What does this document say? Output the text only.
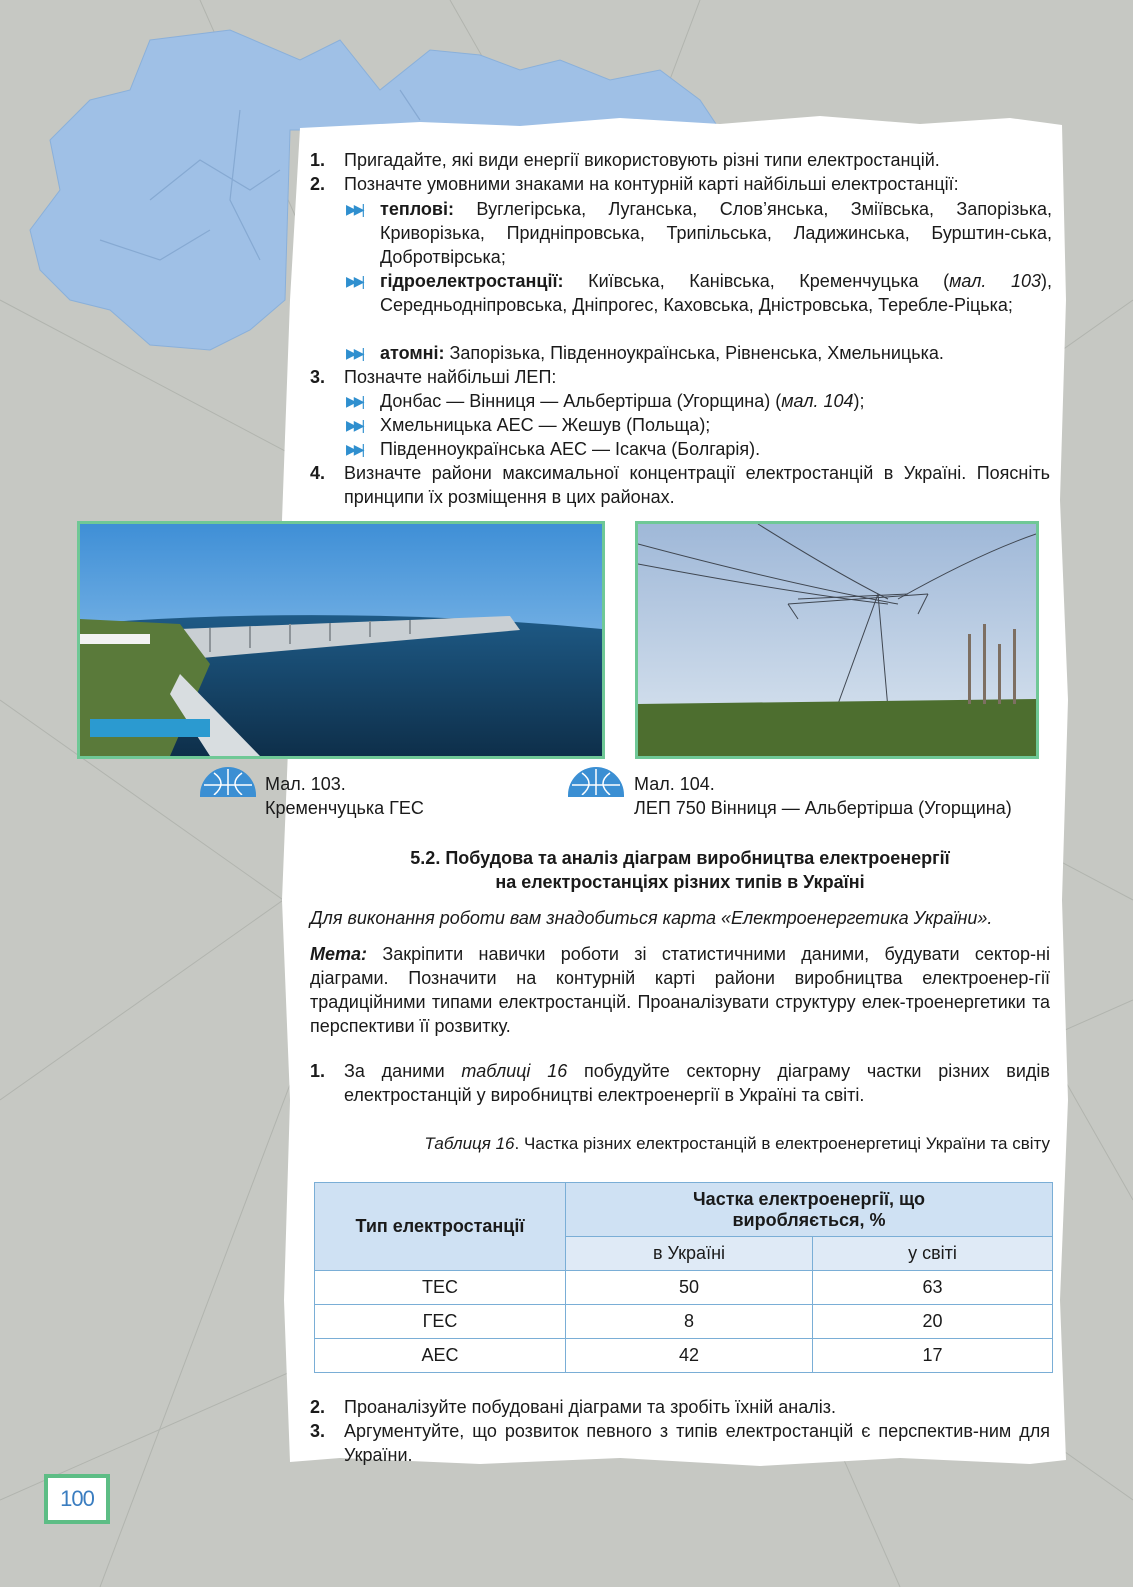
1. Пригадайте, які види енергії використовують різні типи електростанцій.
2. Позначте умовними знаками на контурній карті найбільші електростанції:
▶▶| теплові: Вуглегірська, Луганська, Слов’янська, Зміївська, Запорізька, Криворізька, Придніпровська, Трипільська, Ладижинська, Бурштин-ська, Добротвірська;
▶▶| гідроелектростанції: Київська, Канівська, Кременчуцька (мал. 103), Середньодніпровська, Дніпрогес, Каховська, Дністровська, Теребле-Ріцька;
▶▶| атомні: Запорізька, Південноукраїнська, Рівненська, Хмельницька.
3. Позначте найбільші ЛЕП:
▶▶| Донбас — Вінниця — Альбертірша (Угорщина) (мал. 104);
▶▶| Хмельницька АЕС — Жешув (Польща);
▶▶| Південноукраїнська АЕС — Ісакча (Болгарія).
4. Визначте райони максимальної концентрації електростанцій в Україні. Поясніть принципи їх розміщення в цих районах.
Мал. 103.
Кременчуцька ГЕС
Мал. 104.
ЛЕП 750 Вінниця — Альбертірша (Угорщина)
5.2. Побудова та аналіз діаграм виробництва електроенергії
на електростанціях різних типів в Україні
Для виконання роботи вам знадобиться карта «Електроенергетика України».
Мета: Закріпити навички роботи зі статистичними даними, будувати сектор-ні діаграми. Позначити на контурній карті райони виробництва електроенер-гії традиційними типами електростанцій. Проаналізувати структуру елек-троенергетики та перспективи її розвитку.
1. За даними таблиці 16 побудуйте секторну діаграму частки різних видів електростанцій у виробництві електроенергії в Україні та світі.
Таблиця 16. Частка різних електростанцій в електроенергетиці України та світу
Тип електростанції	Частка електроенергії, що виробляється, %	
	в Україні	у світі
ТЕС	50	63
ГЕС	8	20
АЕС	42	17
2. Проаналізуйте побудовані діаграми та зробіть їхній аналіз.
3. Аргументуйте, що розвиток певного з типів електростанцій є перспектив-ним для України.
100
